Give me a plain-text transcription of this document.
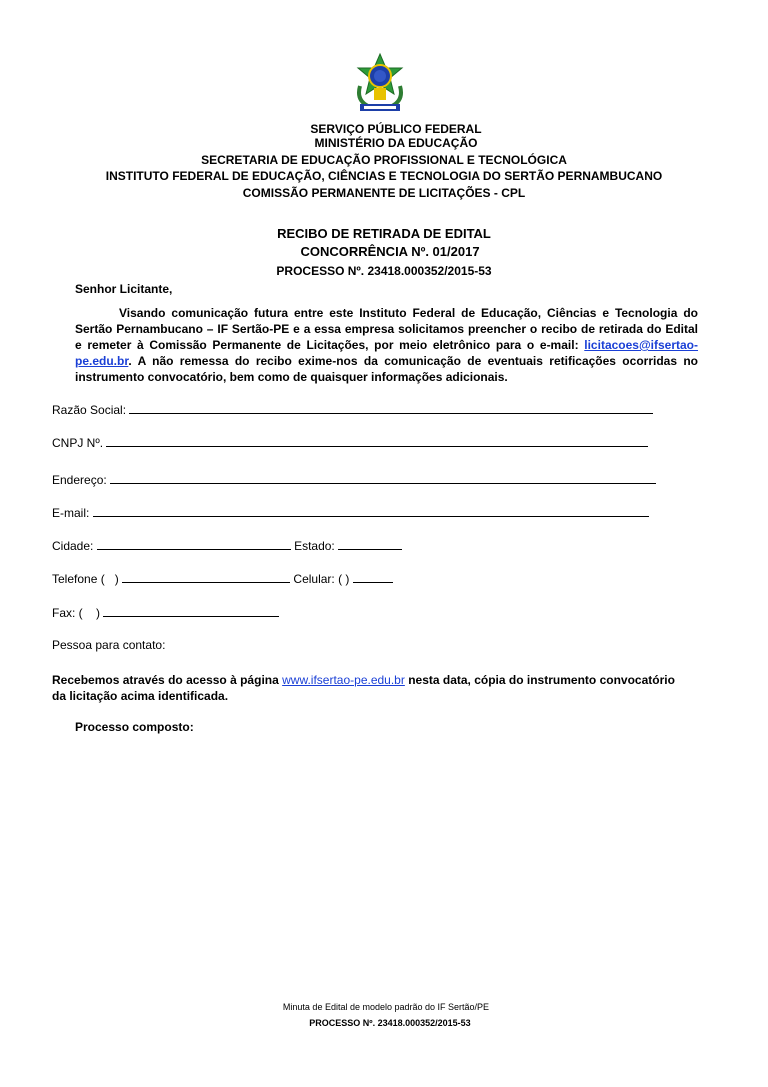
SERVIÇO PÚBLICO FEDERAL
MINISTÉRIO DA EDUCAÇÃO
SECRETARIA DE EDUCAÇÃO PROFISSIONAL E TECNOLÓGICA
INSTITUTO FEDERAL DE EDUCAÇÃO, CIÊNCIAS E TECNOLOGIA DO SERTÃO PERNAMBUCANO
COMISSÃO PERMANENTE DE LICITAÇÕES - CPL
RECIBO DE RETIRADA DE EDITAL
CONCORRÊNCIA Nº. 01/2017
PROCESSO Nº. 23418.000352/2015-53
Senhor Licitante,
Visando comunicação futura entre este Instituto Federal de Educação, Ciências e Tecnologia do Sertão Pernambucano – IF Sertão-PE e a essa empresa solicitamos preencher o recibo de retirada do Edital e remeter à Comissão Permanente de Licitações, por meio eletrônico para o e-mail: licitacoes@ifsertao-pe.edu.br. A não remessa do recibo exime-nos da comunicação de eventuais retificações ocorridas no instrumento convocatório, bem como de quaisquer informações adicionais.
Razão Social:
CNPJ Nº.
Endereço:
E-mail:
Cidade:	Estado:
Telefone ( )	Celular: ( )
Fax: ( )
Pessoa para contato:
Recebemos através do acesso à página www.ifsertao-pe.edu.br nesta data, cópia do instrumento convocatório da licitação acima identificada.
Processo composto:
Minuta de Edital de modelo padrão do IF Sertão/PE
PROCESSO Nº. 23418.000352/2015-53
